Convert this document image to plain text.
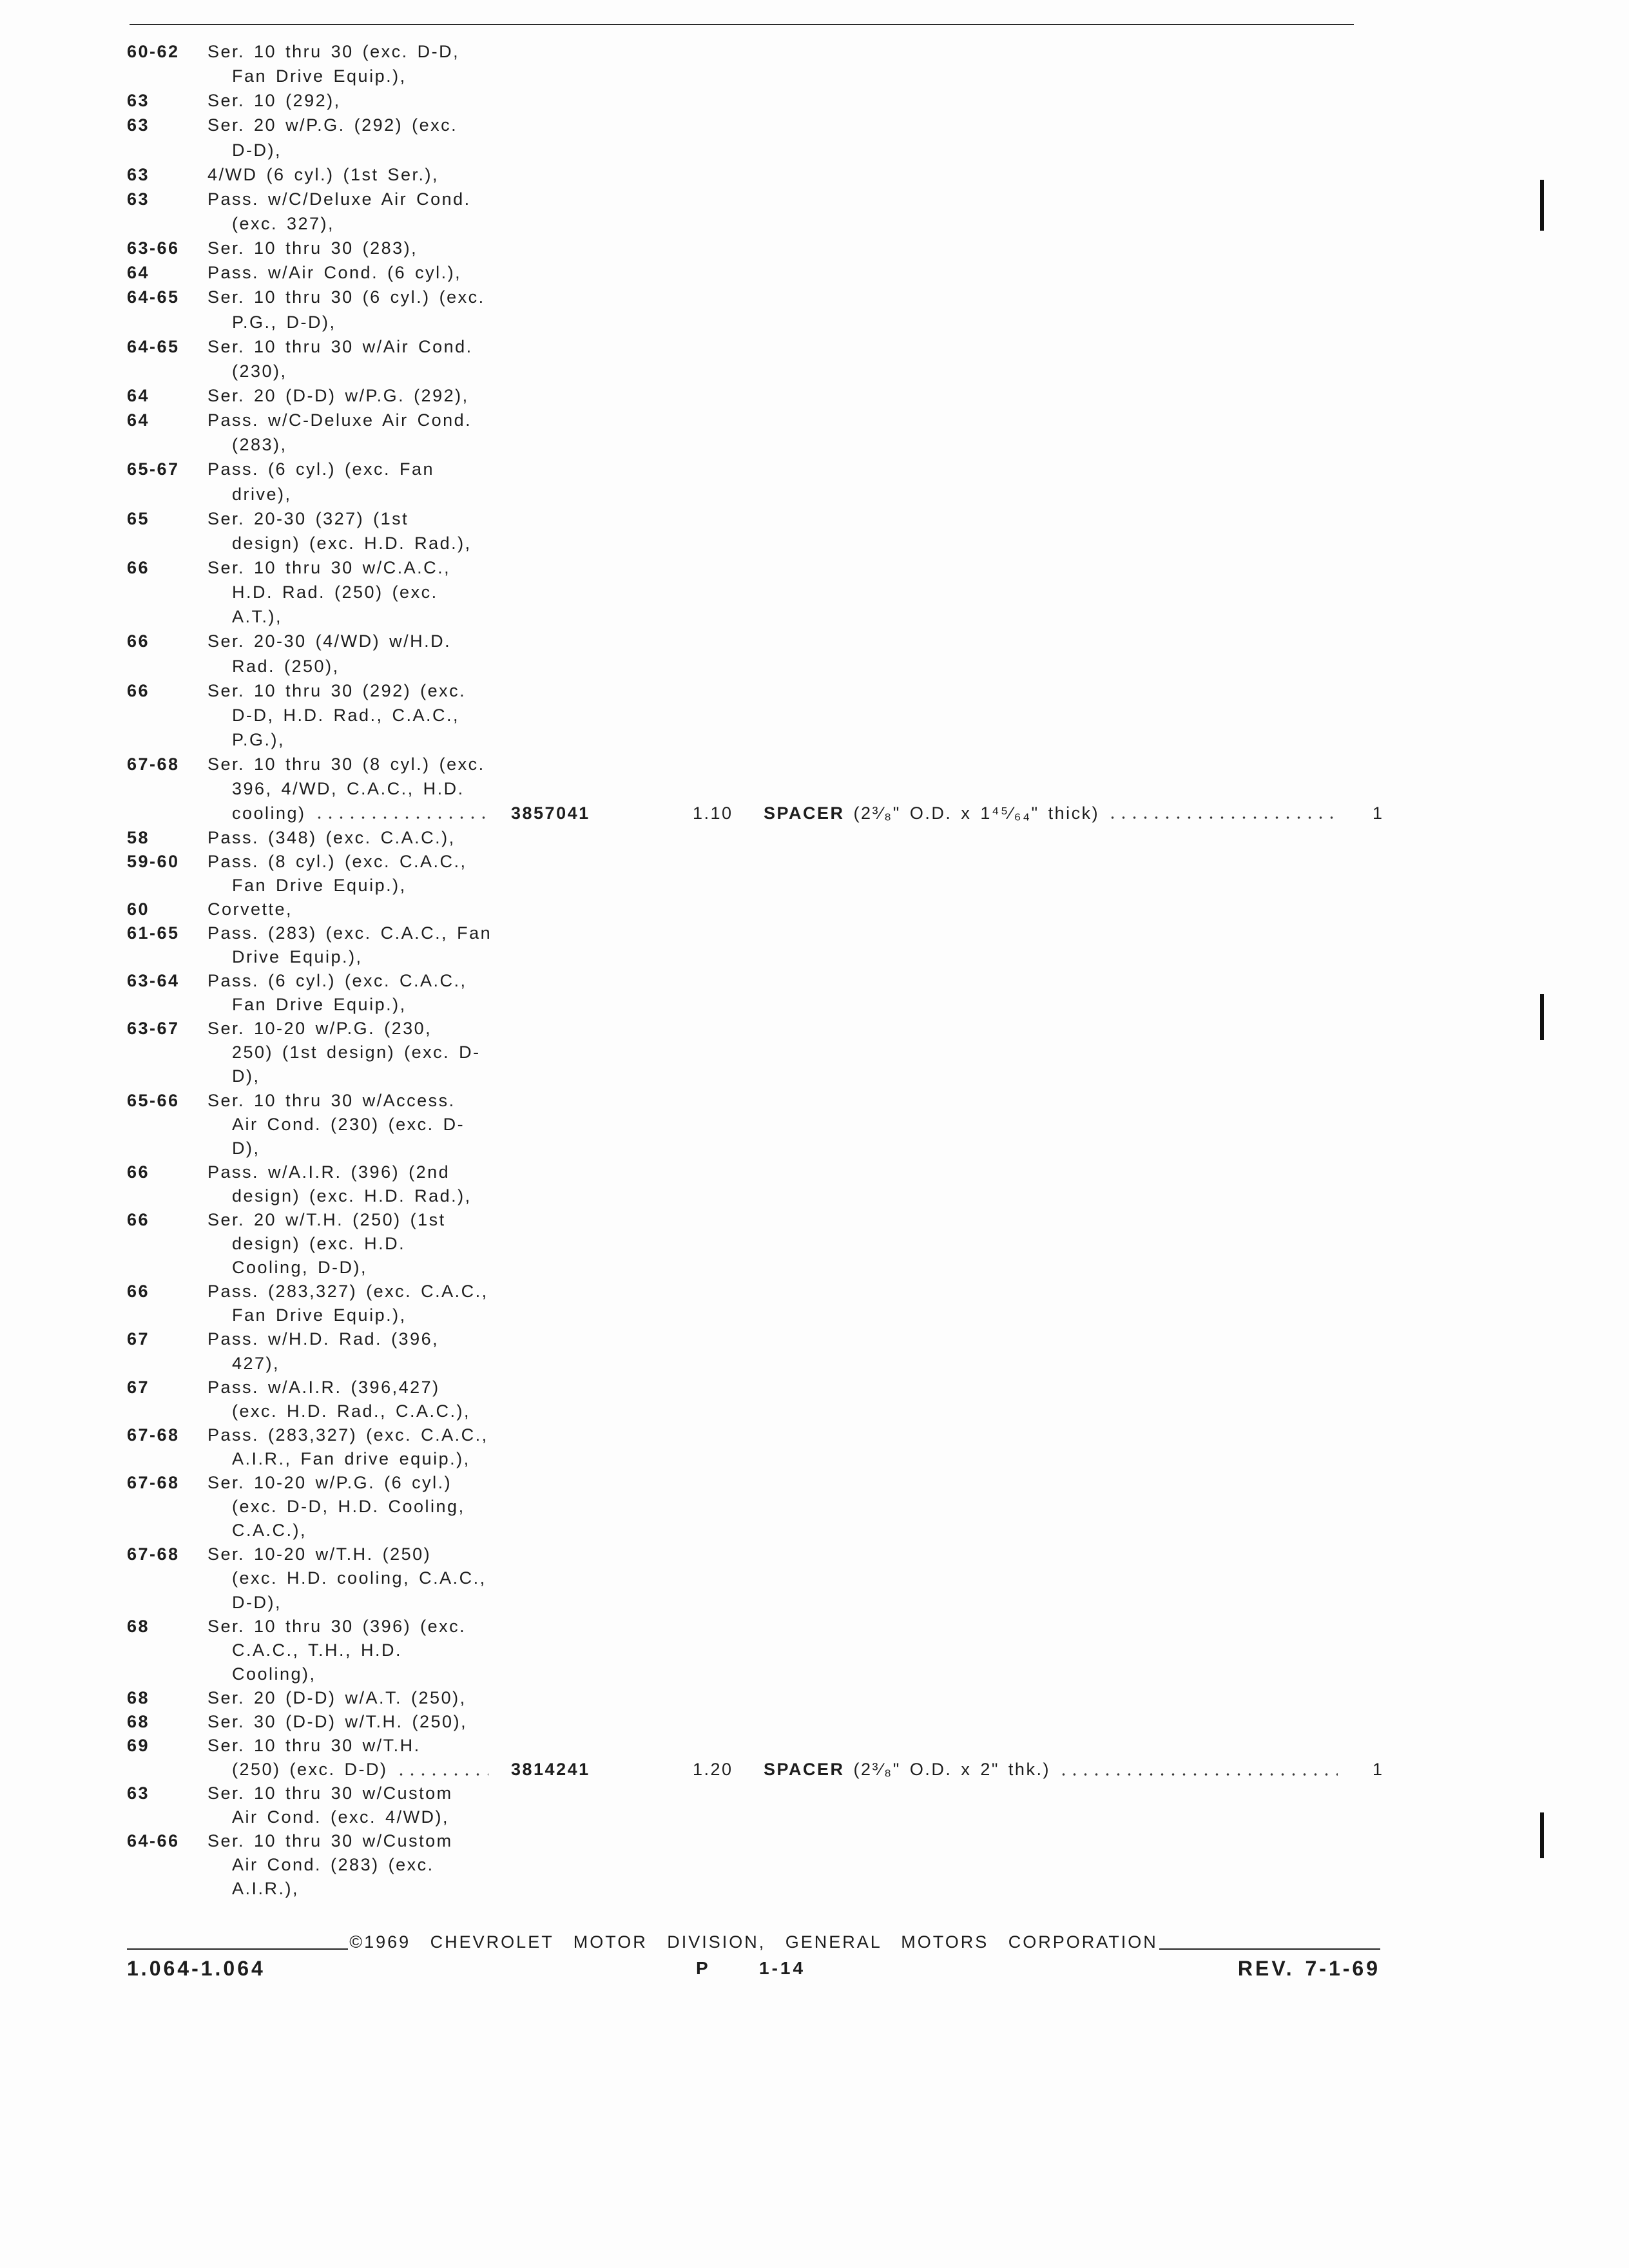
60-62 Ser. 10 thru 30 (exc. D-D,
Fan Drive Equip.),
63	Ser. 10 (292),
63	Ser. 20 w/P.G. (292) (exc.
D-D),
63	4/WD (6 cyl.) (1st Ser.),
63	Pass. w/C/Deluxe Air Cond.
(exc. 327),
63-66 Ser. 10 thru 30 (283),
64	Pass. w/Air Cond. (6 cyl.),
64-65 Ser. 10 thru 30 (6 cyl.) (exc.
P.G., D-D),
64-65 Ser. 10 thru 30 w/Air Cond.
(230),
64	Ser. 20 (D-D) w/P.G. (292),
64	Pass. w/C-Deluxe Air Cond.
(283),
65-67 Pass. (6 cyl.) (exc. Fan
drive),
65	Ser. 20-30 (327) (1st
design) (exc. H.D. Rad.),
66	Ser. 10 thru 30 w/C.A.C.,
H.D. Rad. (250) (exc.
A.T.),
66	Ser. 20-30 (4/WD) w/H.D.
Rad. (250),
66	Ser. 10 thru 30 (292) (exc.
D-D, H.D. Rad., C.A.C.,
P.G.),
67-68 Ser. 10 thru 30 (8 cyl.) (exc.
396, 4/WD, C.A.C., H.D.
cooling)	3857041	1.10 SPACER (2³⁄₈" O.D. x 1⁴⁵⁄₆₄" thick)	1
58	Pass. (348) (exc. C.A.C.),
59-60 Pass. (8 cyl.) (exc. C.A.C.,
Fan Drive Equip.),
60	Corvette,
61-65 Pass. (283) (exc. C.A.C., Fan
Drive Equip.),
63-64 Pass. (6 cyl.) (exc. C.A.C.,
Fan Drive Equip.),
63-67 Ser. 10-20 w/P.G. (230,
250) (1st design) (exc. D-
D),
65-66 Ser. 10 thru 30 w/Access.
Air Cond. (230) (exc. D-
D),
66	Pass. w/A.I.R. (396) (2nd
design) (exc. H.D. Rad.),
66	Ser. 20 w/T.H. (250) (1st
design) (exc. H.D.
Cooling, D-D),
66	Pass. (283,327) (exc. C.A.C.,
Fan Drive Equip.),
67	Pass. w/H.D. Rad. (396,
427),
67	Pass. w/A.I.R. (396,427)
(exc. H.D. Rad., C.A.C.),
67-68 Pass. (283,327) (exc. C.A.C.,
A.I.R., Fan drive equip.),
67-68 Ser. 10-20 w/P.G. (6 cyl.)
(exc. D-D, H.D. Cooling,
C.A.C.),
67-68 Ser. 10-20 w/T.H. (250)
(exc. H.D. cooling, C.A.C.,
D-D),
68	Ser. 10 thru 30 (396) (exc.
C.A.C., T.H., H.D.
Cooling),
68	Ser. 20 (D-D) w/A.T. (250),
68	Ser. 30 (D-D) w/T.H. (250),
69	Ser. 10 thru 30 w/T.H.
(250) (exc. D-D)	3814241	1.20 SPACER (2³⁄₈" O.D. x 2" thk.)	1
63	Ser. 10 thru 30 w/Custom
Air Cond. (exc. 4/WD),
64-66 Ser. 10 thru 30 w/Custom
Air Cond. (283) (exc.
A.I.R.),
©1969 CHEVROLET MOTOR DIVISION, GENERAL MOTORS CORPORATION
1.064-1.064	P	1-14	REV. 7-1-69
